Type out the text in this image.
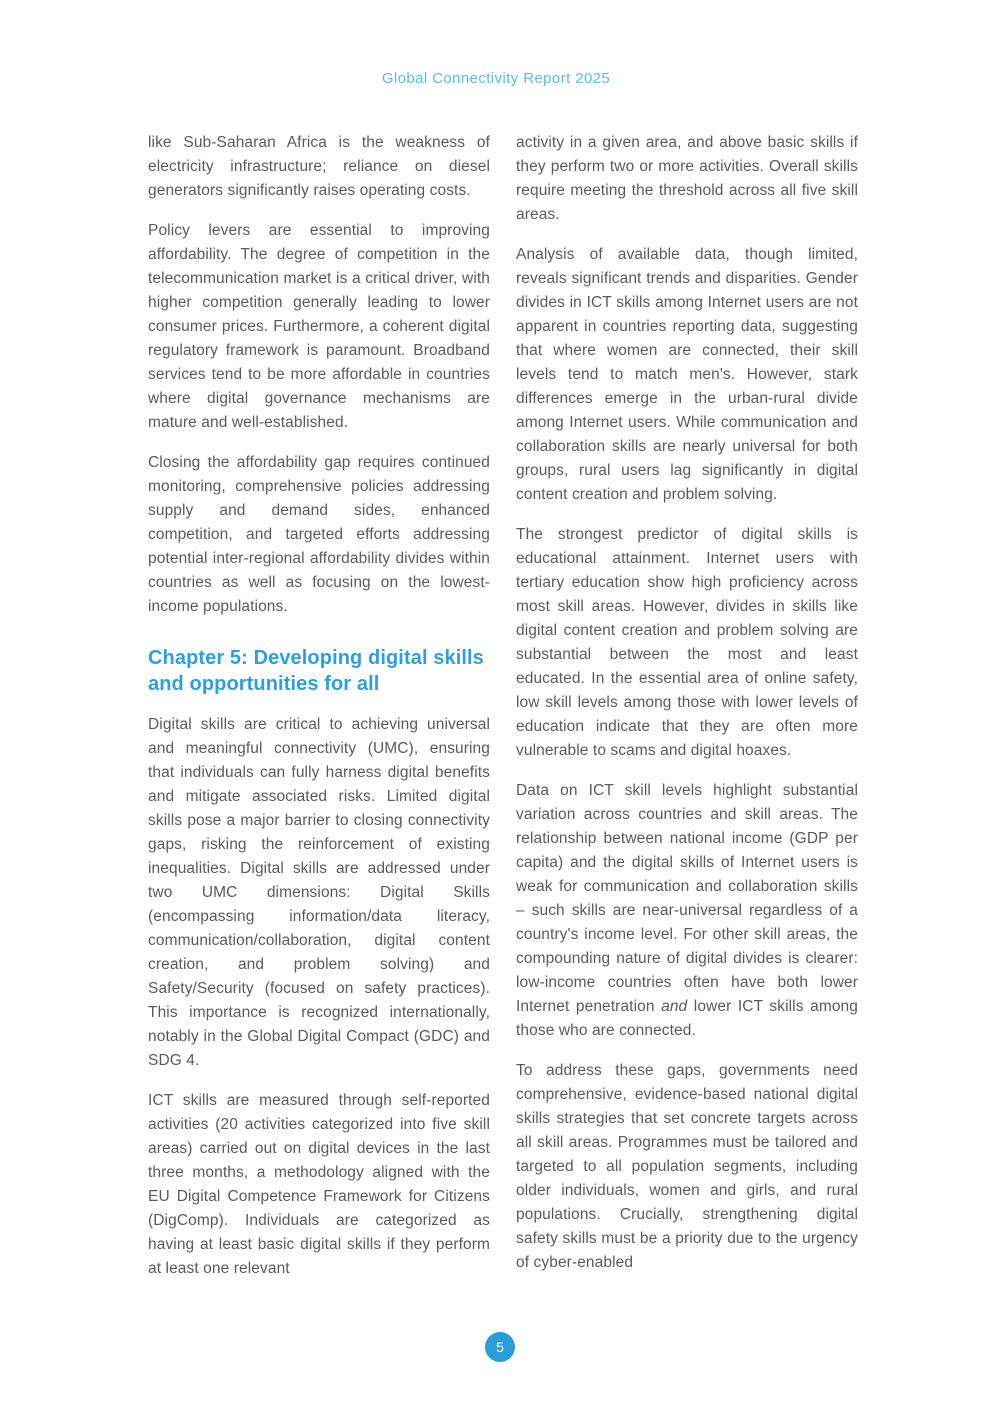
Global Connectivity Report 2025

like Sub-Saharan Africa is the weakness of electricity infrastructure; reliance on diesel generators significantly raises operating costs.

Policy levers are essential to improving affordability. The degree of competition in the telecommunication market is a critical driver, with higher competition generally leading to lower consumer prices. Furthermore, a coherent digital regulatory framework is paramount. Broadband services tend to be more affordable in countries where digital governance mechanisms are mature and well-established.

Closing the affordability gap requires continued monitoring, comprehensive policies addressing supply and demand sides, enhanced competition, and targeted efforts addressing potential inter-regional affordability divides within countries as well as focusing on the lowest-income populations.

Chapter 5: Developing digital skills and opportunities for all

Digital skills are critical to achieving universal and meaningful connectivity (UMC), ensuring that individuals can fully harness digital benefits and mitigate associated risks. Limited digital skills pose a major barrier to closing connectivity gaps, risking the reinforcement of existing inequalities. Digital skills are addressed under two UMC dimensions: Digital Skills (encompassing information/data literacy, communication/collaboration, digital content creation, and problem solving) and Safety/Security (focused on safety practices). This importance is recognized internationally, notably in the Global Digital Compact (GDC) and SDG 4.

ICT skills are measured through self-reported activities (20 activities categorized into five skill areas) carried out on digital devices in the last three months, a methodology aligned with the EU Digital Competence Framework for Citizens (DigComp). Individuals are categorized as having at least basic digital skills if they perform at least one relevant

activity in a given area, and above basic skills if they perform two or more activities. Overall skills require meeting the threshold across all five skill areas.

Analysis of available data, though limited, reveals significant trends and disparities. Gender divides in ICT skills among Internet users are not apparent in countries reporting data, suggesting that where women are connected, their skill levels tend to match men's. However, stark differences emerge in the urban-rural divide among Internet users. While communication and collaboration skills are nearly universal for both groups, rural users lag significantly in digital content creation and problem solving.

The strongest predictor of digital skills is educational attainment. Internet users with tertiary education show high proficiency across most skill areas. However, divides in skills like digital content creation and problem solving are substantial between the most and least educated. In the essential area of online safety, low skill levels among those with lower levels of education indicate that they are often more vulnerable to scams and digital hoaxes.

Data on ICT skill levels highlight substantial variation across countries and skill areas. The relationship between national income (GDP per capita) and the digital skills of Internet users is weak for communication and collaboration skills – such skills are near-universal regardless of a country's income level. For other skill areas, the compounding nature of digital divides is clearer: low-income countries often have both lower Internet penetration and lower ICT skills among those who are connected.

To address these gaps, governments need comprehensive, evidence-based national digital skills strategies that set concrete targets across all skill areas. Programmes must be tailored and targeted to all population segments, including older individuals, women and girls, and rural populations. Crucially, strengthening digital safety skills must be a priority due to the urgency of cyber-enabled

5
